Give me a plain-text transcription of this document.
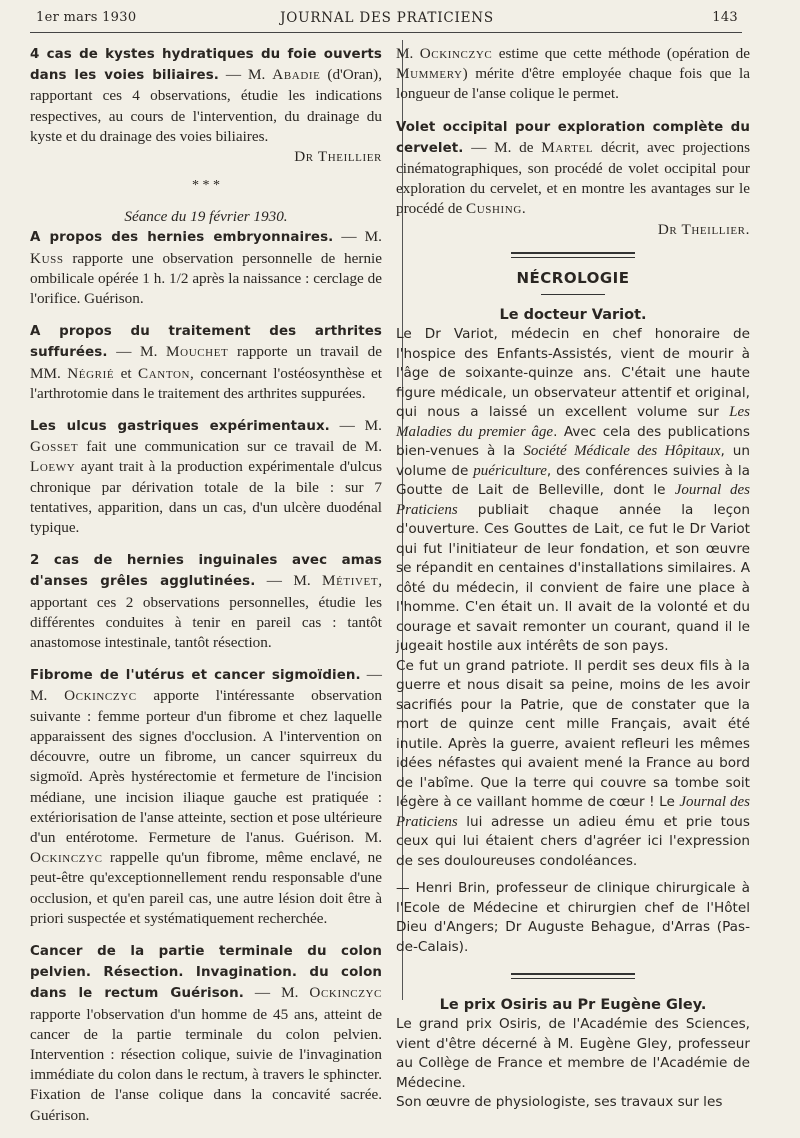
1er mars 1930	JOURNAL DES PRATICIENS	143

4 cas de kystes hydratiques du foie ouverts dans les voies biliaires. — M. Abadie (d'Oran), rapportant ces 4 observations, étudie les indications respectives, au cours de l'intervention, du drainage du kyste et du drainage des voies biliaires.

Dr Theillier

* * *

Séance du 19 février 1930.

A propos des hernies embryonnaires. — M. Kuss rapporte une observation personnelle de hernie ombilicale opérée 1 h. 1/2 après la naissance : cerclage de l'orifice. Guérison.

A propos du traitement des arthrites suffurées. — M. Mouchet rapporte un travail de MM. Négrié et Canton, concernant l'ostéosynthèse et l'arthrotomie dans le traitement des arthrites suppurées.

Les ulcus gastriques expérimentaux. — M. Gosset fait une communication sur ce travail de M. Loewy ayant trait à la production expérimentale d'ulcus chronique par dérivation totale de la bile : sur 7 tentatives, apparition, dans un cas, d'un ulcère duodénal typique.

2 cas de hernies inguinales avec amas d'anses grêles agglutinées. — M. Métivet, apportant ces 2 observations personnelles, étudie les différentes conduites à tenir en pareil cas : tantôt anastomose intestinale, tantôt résection.

Fibrome de l'utérus et cancer sigmoïdien. — M. Ockinczyc apporte l'intéressante observation suivante : femme porteur d'un fibrome et chez laquelle apparaissent des signes d'occlusion. A l'intervention on découvre, outre un fibrome, un cancer squirreux du sigmoïd. Après hystérectomie et fermeture de l'incision médiane, une incision iliaque gauche est pratiquée : extériorisation de l'anse atteinte, section et pose ultérieure d'un entérotome. Fermeture de l'anus. Guérison. M. Ockinczyc rappelle qu'un fibrome, même enclavé, ne peut-être qu'exceptionnellement rendu responsable d'une occlusion, et qu'en pareil cas, une autre lésion doit être à priori suspectée et systématiquement recherchée.

Cancer de la partie terminale du colon pelvien. Résection. Invagination. du colon dans le rectum Guérison. — M. Ockinczyc rapporte l'observation d'un homme de 45 ans, atteint de cancer de la partie terminale du colon pelvien. Intervention : résection colique, suivie de l'invagination immédiate du colon dans le rectum, à travers le sphincter. Fixation de l'anse colique dans la concavité sacrée. Guérison.

M. Ockinczyc estime que cette méthode (opération de Mummery) mérite d'être employée chaque fois que la longueur de l'anse colique le permet.

Volet occipital pour exploration complète du cervelet. — M. de Martel décrit, avec projections cinématographiques, son procédé de volet occipital pour exploration du cervelet, et en montre les avantages sur le procédé de Cushing.

Dr Theillier.

NÉCROLOGIE

Le docteur Variot.

Le Dr Variot, médecin en chef honoraire de l'hospice des Enfants-Assistés, vient de mourir à l'âge de soixante-quinze ans. C'était une haute figure médicale, un observateur attentif et original, qui nous a laissé un excellent volume sur Les Maladies du premier âge. Avec cela des publications bien-venues à la Société Médicale des Hôpitaux, un volume de puériculture, des conférences suivies à la Goutte de Lait de Belleville, dont le Journal des Praticiens publiait chaque année la leçon d'ouverture. Ces Gouttes de Lait, ce fut le Dr Variot qui fut l'initiateur de leur fondation, et son œuvre se répandit en centaines d'installations similaires. A côté du médecin, il convient de faire une place à l'homme. C'en était un. Il avait de la volonté et du courage et savait remonter un courant, quand il le jugeait hostile aux intérêts de son pays.

Ce fut un grand patriote. Il perdit ses deux fils à la guerre et nous disait sa peine, moins de les avoir sacrifiés pour la Patrie, que de constater que la mort de quinze cent mille Français, avait été inutile. Après la guerre, avaient refleuri les mêmes idées néfastes qui avaient mené la France au bord de l'abîme. Que la terre qui couvre sa tombe soit légère à ce vaillant homme de cœur ! Le Journal des Praticiens lui adresse un adieu ému et prie tous ceux qui lui étaient chers d'agréer ici l'expression de ses douloureuses condoléances.

— Henri Brin, professeur de clinique chirurgicale à l'Ecole de Médecine et chirurgien chef de l'Hôtel Dieu d'Angers; Dr Auguste Behague, d'Arras (Pas-de-Calais).

Le prix Osiris au Pr Eugène Gley.

Le grand prix Osiris, de l'Académie des Sciences, vient d'être décerné à M. Eugène Gley, professeur au Collège de France et membre de l'Académie de Médecine.

Son œuvre de physiologiste, ses travaux sur les
